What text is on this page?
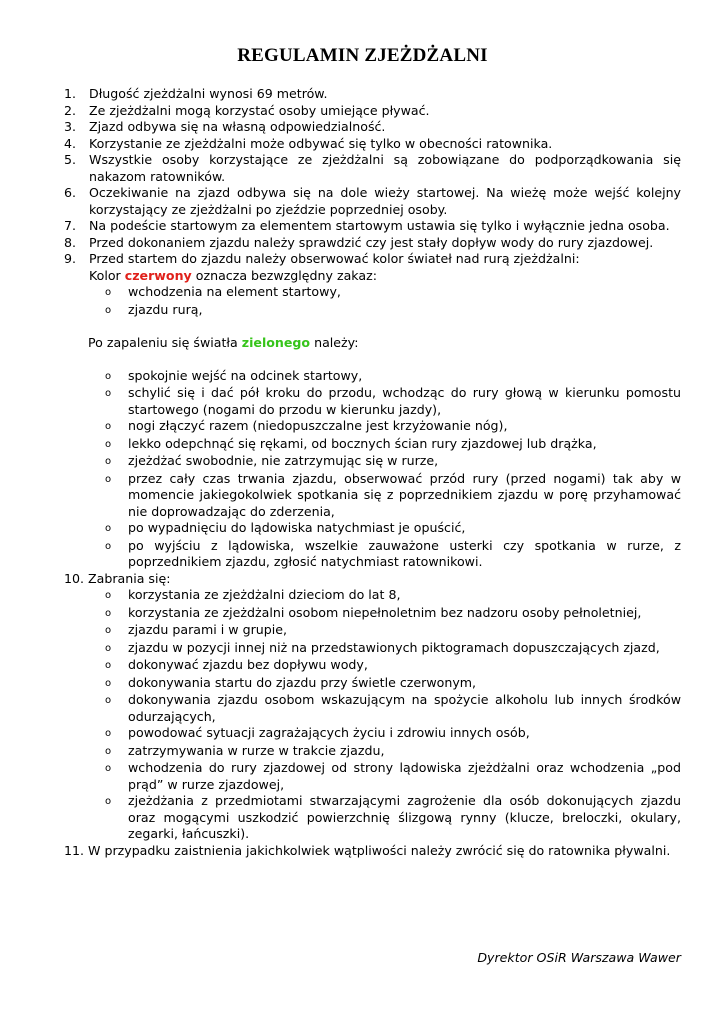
REGULAMIN ZJEŻDŻALNI
1.	Długość zjeżdżalni wynosi 69 metrów.
2.	Ze zjeżdżalni mogą korzystać osoby umiejące pływać.
3.	Zjazd odbywa się na własną odpowiedzialność.
4.	Korzystanie ze zjeżdżalni może odbywać się tylko w obecności ratownika.
5.	Wszystkie osoby korzystające ze zjeżdżalni są zobowiązane do podporządkowania się nakazom ratowników.
6.	Oczekiwanie na zjazd odbywa się na dole wieży startowej. Na wieżę może wejść kolejny korzystający ze zjeżdżalni po zjeździe poprzedniej osoby.
7.	Na podeście startowym za elementem startowym ustawia się tylko i wyłącznie jedna osoba.
8.	Przed dokonaniem zjazdu należy sprawdzić czy jest stały dopływ wody do rury zjazdowej.
9.	Przed startem do zjazdu należy obserwować kolor świateł nad rurą zjeżdżalni:
Kolor czerwony oznacza bezwzględny zakaz:
o	wchodzenia na element startowy,
o	zjazdu rurą,
Po zapaleniu się światła zielonego należy:
o	spokojnie wejść na odcinek startowy,
o	schylić się i dać pół kroku do przodu, wchodząc do rury głową w kierunku pomostu startowego (nogami do przodu w kierunku jazdy),
o	nogi złączyć razem (niedopuszczalne jest krzyżowanie nóg),
o	lekko odepchnąć się rękami, od bocznych ścian rury zjazdowej lub drążka,
o	zjeżdżać swobodnie, nie zatrzymując się w rurze,
o	przez cały czas trwania zjazdu, obserwować przód rury (przed nogami) tak aby w momencie jakiegokolwiek spotkania się z poprzednikiem zjazdu w porę przyhamować nie doprowadzając do zderzenia,
o	po wypadnięciu do lądowiska natychmiast je opuścić,
o	po wyjściu z lądowiska, wszelkie zauważone usterki czy spotkania w rurze, z poprzednikiem zjazdu, zgłosić natychmiast ratownikowi.
10. Zabrania się:
o	korzystania ze zjeżdżalni dzieciom do lat 8,
o	korzystania ze zjeżdżalni osobom niepełnoletnim bez nadzoru osoby pełnoletniej,
o	zjazdu parami i w grupie,
o	zjazdu w pozycji innej niż na przedstawionych piktogramach dopuszczających zjazd,
o	dokonywać zjazdu bez dopływu wody,
o	dokonywania startu do zjazdu przy świetle czerwonym,
o	dokonywania zjazdu osobom wskazującym na spożycie alkoholu lub innych środków odurzających,
o	powodować sytuacji zagrażających życiu i zdrowiu innych osób,
o	zatrzymywania w rurze w trakcie zjazdu,
o	wchodzenia do rury zjazdowej od strony lądowiska zjeżdżalni oraz wchodzenia „pod prąd” w rurze zjazdowej,
o	zjeżdżania z przedmiotami stwarzającymi zagrożenie dla osób dokonujących zjazdu oraz mogącymi uszkodzić powierzchnię ślizgową rynny (klucze, breloczki, okulary, zegarki, łańcuszki).
11. W przypadku zaistnienia jakichkolwiek wątpliwości należy zwrócić się do ratownika pływalni.
Dyrektor OSiR Warszawa Wawer
